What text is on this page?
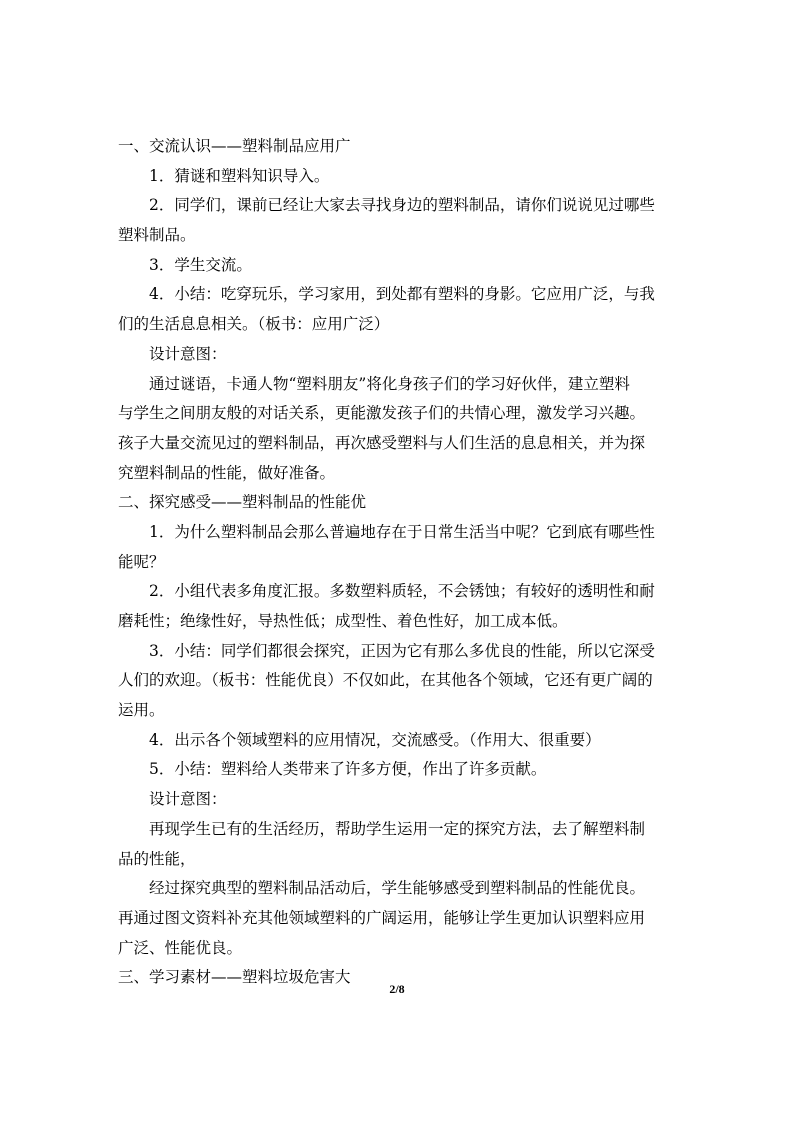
一、交流认识——塑料制品应用广
1．猜谜和塑料知识导入。
2．同学们，课前已经让大家去寻找身边的塑料制品，请你们说说见过哪些
塑料制品。
3．学生交流。
4．小结：吃穿玩乐，学习家用，到处都有塑料的身影。它应用广泛，与我
们的生活息息相关。（板书：应用广泛）
设计意图：
通过谜语，卡通人物“塑料朋友”将化身孩子们的学习好伙伴，建立塑料
与学生之间朋友般的对话关系，更能激发孩子们的共情心理，激发学习兴趣。
孩子大量交流见过的塑料制品，再次感受塑料与人们生活的息息相关，并为探
究塑料制品的性能，做好准备。
二、探究感受——塑料制品的性能优
1．为什么塑料制品会那么普遍地存在于日常生活当中呢？它到底有哪些性
能呢？
2．小组代表多角度汇报。多数塑料质轻，不会锈蚀；有较好的透明性和耐
磨耗性；绝缘性好，导热性低；成型性、着色性好，加工成本低。
3．小结：同学们都很会探究，正因为它有那么多优良的性能，所以它深受
人们的欢迎。（板书：性能优良）不仅如此，在其他各个领域，它还有更广阔的
运用。
4．出示各个领域塑料的应用情况，交流感受。（作用大、很重要）
5．小结：塑料给人类带来了许多方便，作出了许多贡献。
设计意图：
再现学生已有的生活经历，帮助学生运用一定的探究方法，去了解塑料制
品的性能，
经过探究典型的塑料制品活动后，学生能够感受到塑料制品的性能优良。
再通过图文资料补充其他领域塑料的广阔运用，能够让学生更加认识塑料应用
广泛、性能优良。
三、学习素材——塑料垃圾危害大
2/8
